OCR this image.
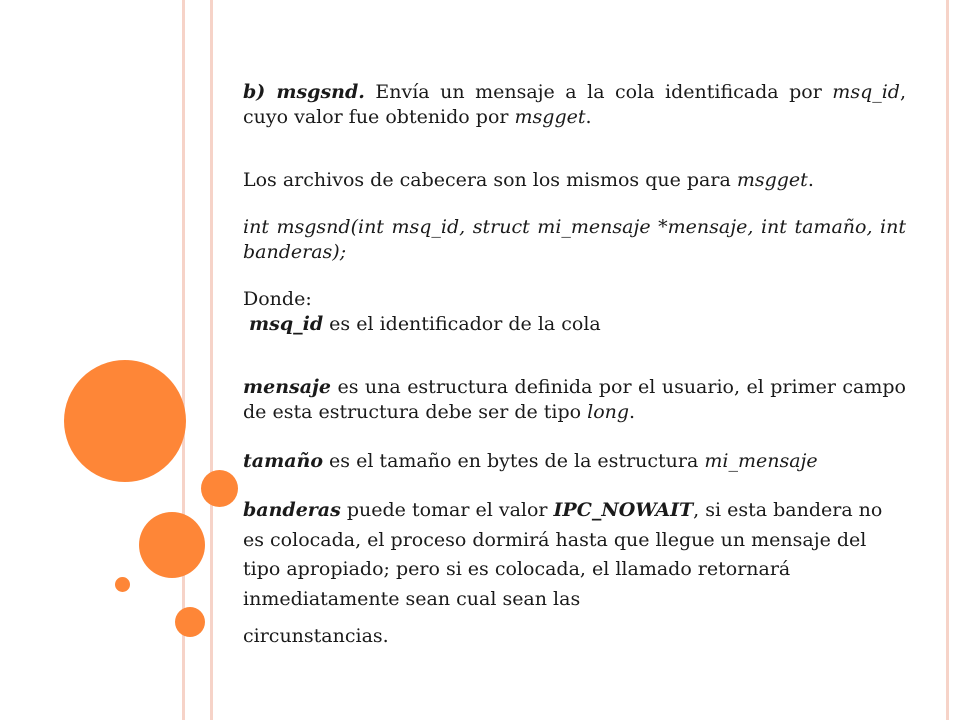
b) msgsnd. Envía un mensaje a la cola identificada por msq_id, cuyo valor fue obtenido por msgget.

Los archivos de cabecera son los mismos que para msgget.

int msgsnd(int msq_id, struct mi_mensaje *mensaje, int tamaño, int banderas);

Donde:
msq_id es el identificador de la cola

mensaje es una estructura definida por el usuario, el primer campo de esta estructura debe ser de tipo long.

tamaño es el tamaño en bytes de la estructura mi_mensaje

banderas puede tomar el valor IPC_NOWAIT, si esta bandera no es colocada, el proceso dormirá hasta que llegue un mensaje del tipo apropiado; pero si es colocada, el llamado retornará inmediatamente sean cual sean las

circunstancias.
